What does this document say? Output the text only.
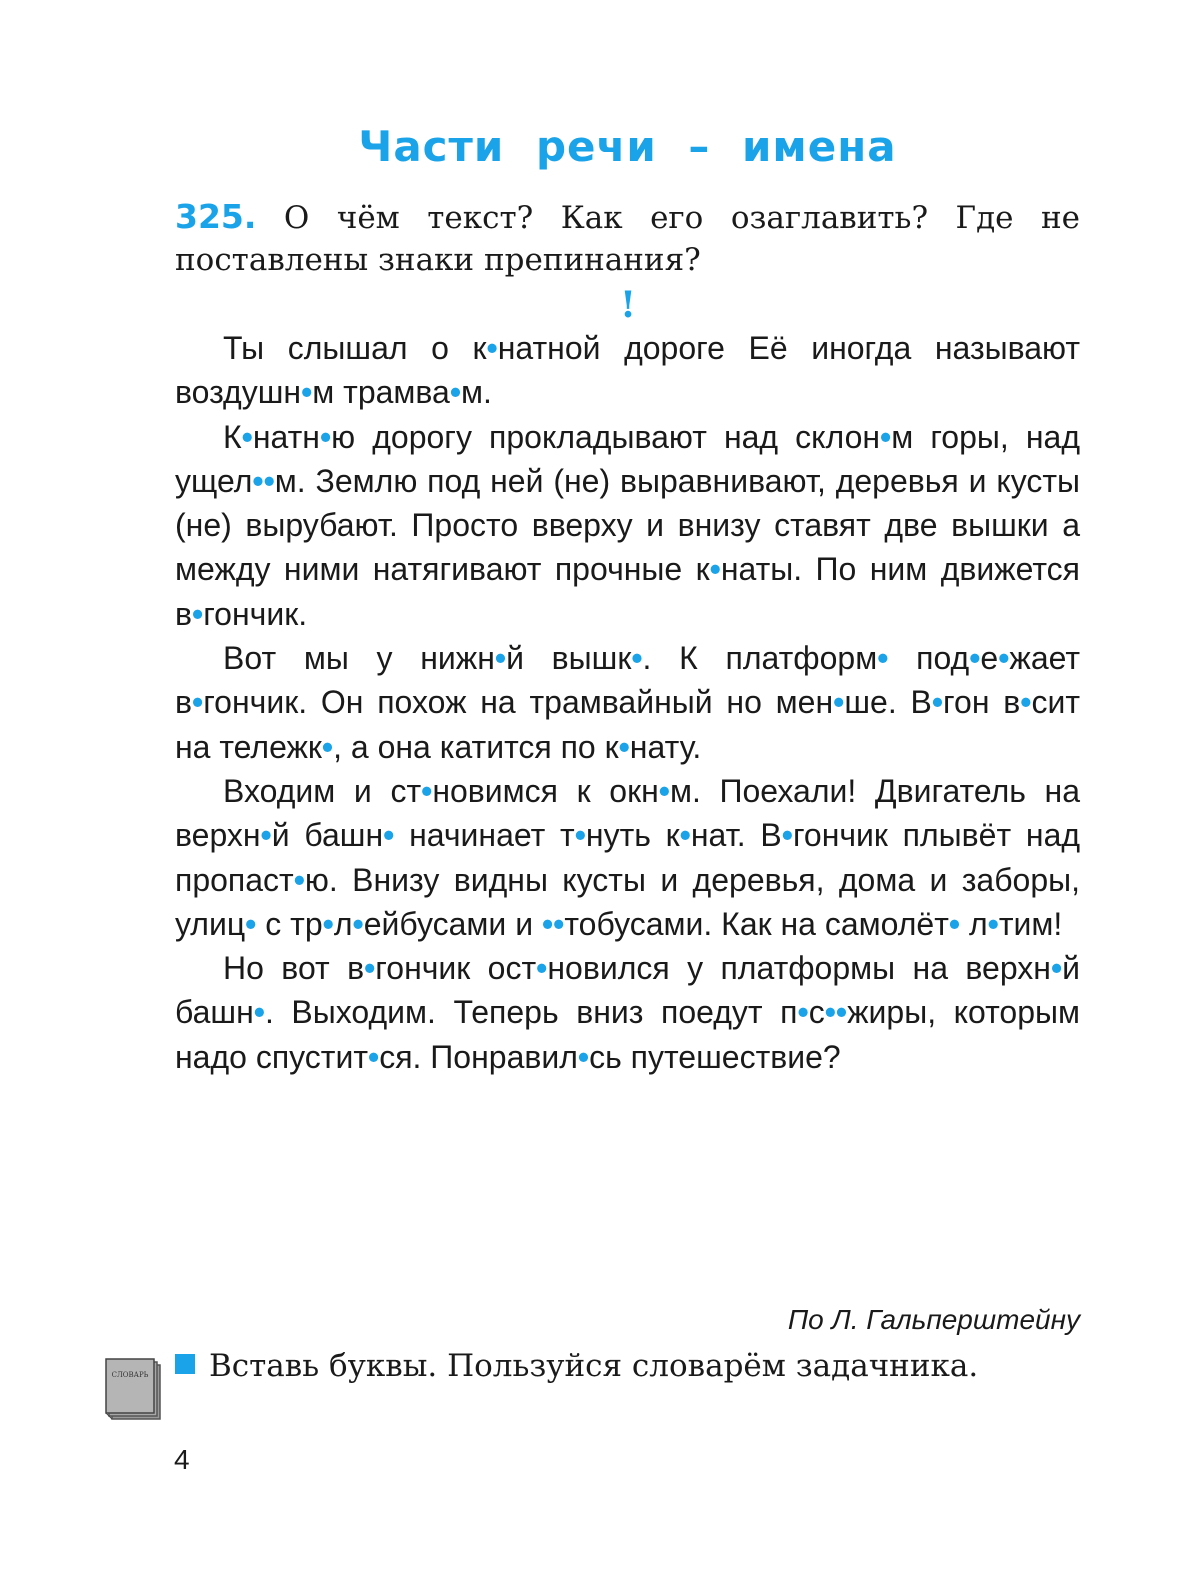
Части речи – имена

325. О чём текст? Как его озаглавить? Где не поставлены знаки препинания?

!

Ты слышал о к•натной дороге Её иногда называют воздушн•м трамва•м.

К•натн•ю дорогу прокладывают над склон•м горы, над ущел••м. Землю под ней (не) выравнивают, деревья и кусты (не) вырубают. Просто вверху и внизу ставят две вышки а между ними натягивают прочные к•наты. По ним движется в•гончик.

Вот мы у нижн•й вышк•. К платформ• под•е•жает в•гончик. Он похож на трамвайный но мен•ше. В•гон в•сит на тележк•, а она катится по к•нату.

Входим и ст•новимся к окн•м. Поехали! Двигатель на верхн•й башн• начинает т•нуть к•нат. В•гончик плывёт над пропаст•ю. Внизу видны кусты и деревья, дома и заборы, улиц• с тр•л•ейбусами и ••тобусами. Как на самолёт• л•тим!

Но вот в•гончик ост•новился у платформы на верхн•й башн•. Выходим. Теперь вниз поедут п•с••жиры, которым надо спустит•ся. Понравил•сь путешествие?

По Л. Гальперштейну
СЛОВАРЬ	Вставь буквы. Пользуйся словарём задачника.
4
